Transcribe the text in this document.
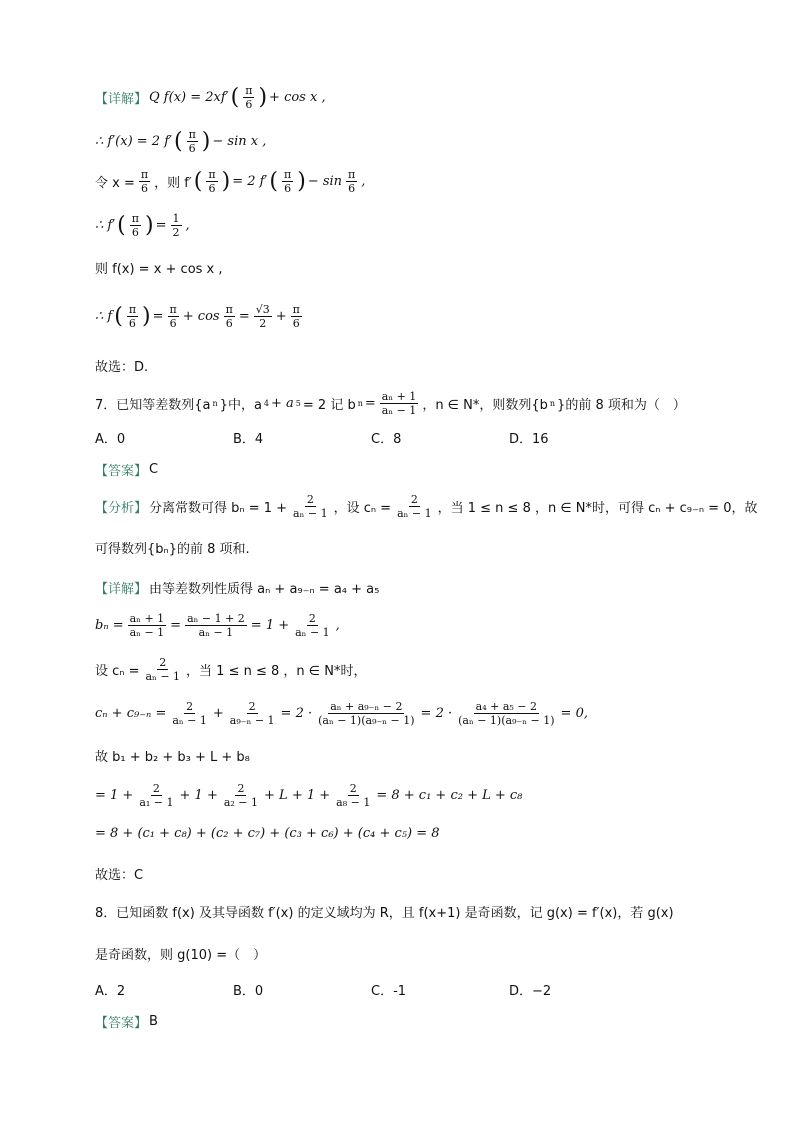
【详解】 Q f(x) = 2xf′ ( $\frac{\pi}{6}$ ) + cos x ,
∴ f′(x) = 2 f′ ( $\frac{\pi}{6}$ ) − sin x ,
令 $x = \frac{\pi}{6}$ ，则 f′ ( $\frac{\pi}{6}$ ) = 2 f′ ( $\frac{\pi}{6}$ ) − $\sin \frac{\pi}{6}$ ,
∴ f′ ( $\frac{\pi}{6}$ ) = $\frac{1}{2}$ ,
则 f(x) = x + cos x ,
∴ f ( $\frac{\pi}{6}$ ) = $\frac{\pi}{6} + \cos \frac{\pi}{6} = \frac{√3}{2} + \frac{\pi}{6}$
故选：D.
7．已知等差数列{a n }中，a 4 + a 5 = 2 记 b $n = \frac{\text{aₙ + 1}}{\text{aₙ − 1}}$ ，n ∈ N*，则数列{b n }的前 8 项和为（　）
A．0	B．4	C．8	D．16
【答案】 C
【分析】 分离常数可得 $b_n = 1 + \frac{2}{\text{aₙ − 1}}$ ，设 $c_n = \frac{2}{\text{aₙ − 1}}$ ，当 1 ≤ n ≤ 8 ，n ∈ N*时，可得 cₙ + c₉₋ₙ = 0，故
可得数列{bₙ}的前 8 项和.
【详解】 由等差数列性质得 aₙ + a₉₋ₙ = a₄ + a₅
$b_n = \frac{\text{aₙ + 1}}{\text{aₙ − 1}} = \frac{\text{aₙ − 1 + 2}}{\text{aₙ − 1}} = 1 + \frac{2}{\text{aₙ − 1}}$ ,
设 $c_n = \frac{2}{\text{aₙ − 1}}$ ，当 1 ≤ n ≤ 8 ，n ∈ N*时，
$c_n + c_{9-n} = \frac{2}{\text{aₙ − 1}} + \frac{2}{\text{a₉₋ₙ − 1}} = 2 \cdot \frac{\text{aₙ + a₉₋ₙ − 2}}{\text{(aₙ − 1)(a₉₋ₙ − 1)}} = 2 \cdot \frac{\text{a₄ + a₅ − 2}}{\text{(aₙ − 1)(a₉₋ₙ − 1)}} = 0$,
故 b₁ + b₂ + b₃ + L + b₈
= $1 + \frac{2}{\text{a₁ − 1}} + 1 + \frac{2}{\text{a₂ − 1}} + L + 1 + \frac{2}{\text{a₈ − 1}} = 8 + c_1 + c_2 + L + c_8$
= 8 + (c₁ + c₈) + (c₂ + c₇) + (c₃ + c₆) + (c₄ + c₅) = 8
故选：C
8．已知函数 f(x) 及其导函数 f′(x) 的定义域均为 R，且 f(x+1) 是奇函数，记 g(x) = f′(x)，若 g(x)
是奇函数，则 g(10) =（　）
A．2	B．0	C．-1	D．−2
【答案】 B
